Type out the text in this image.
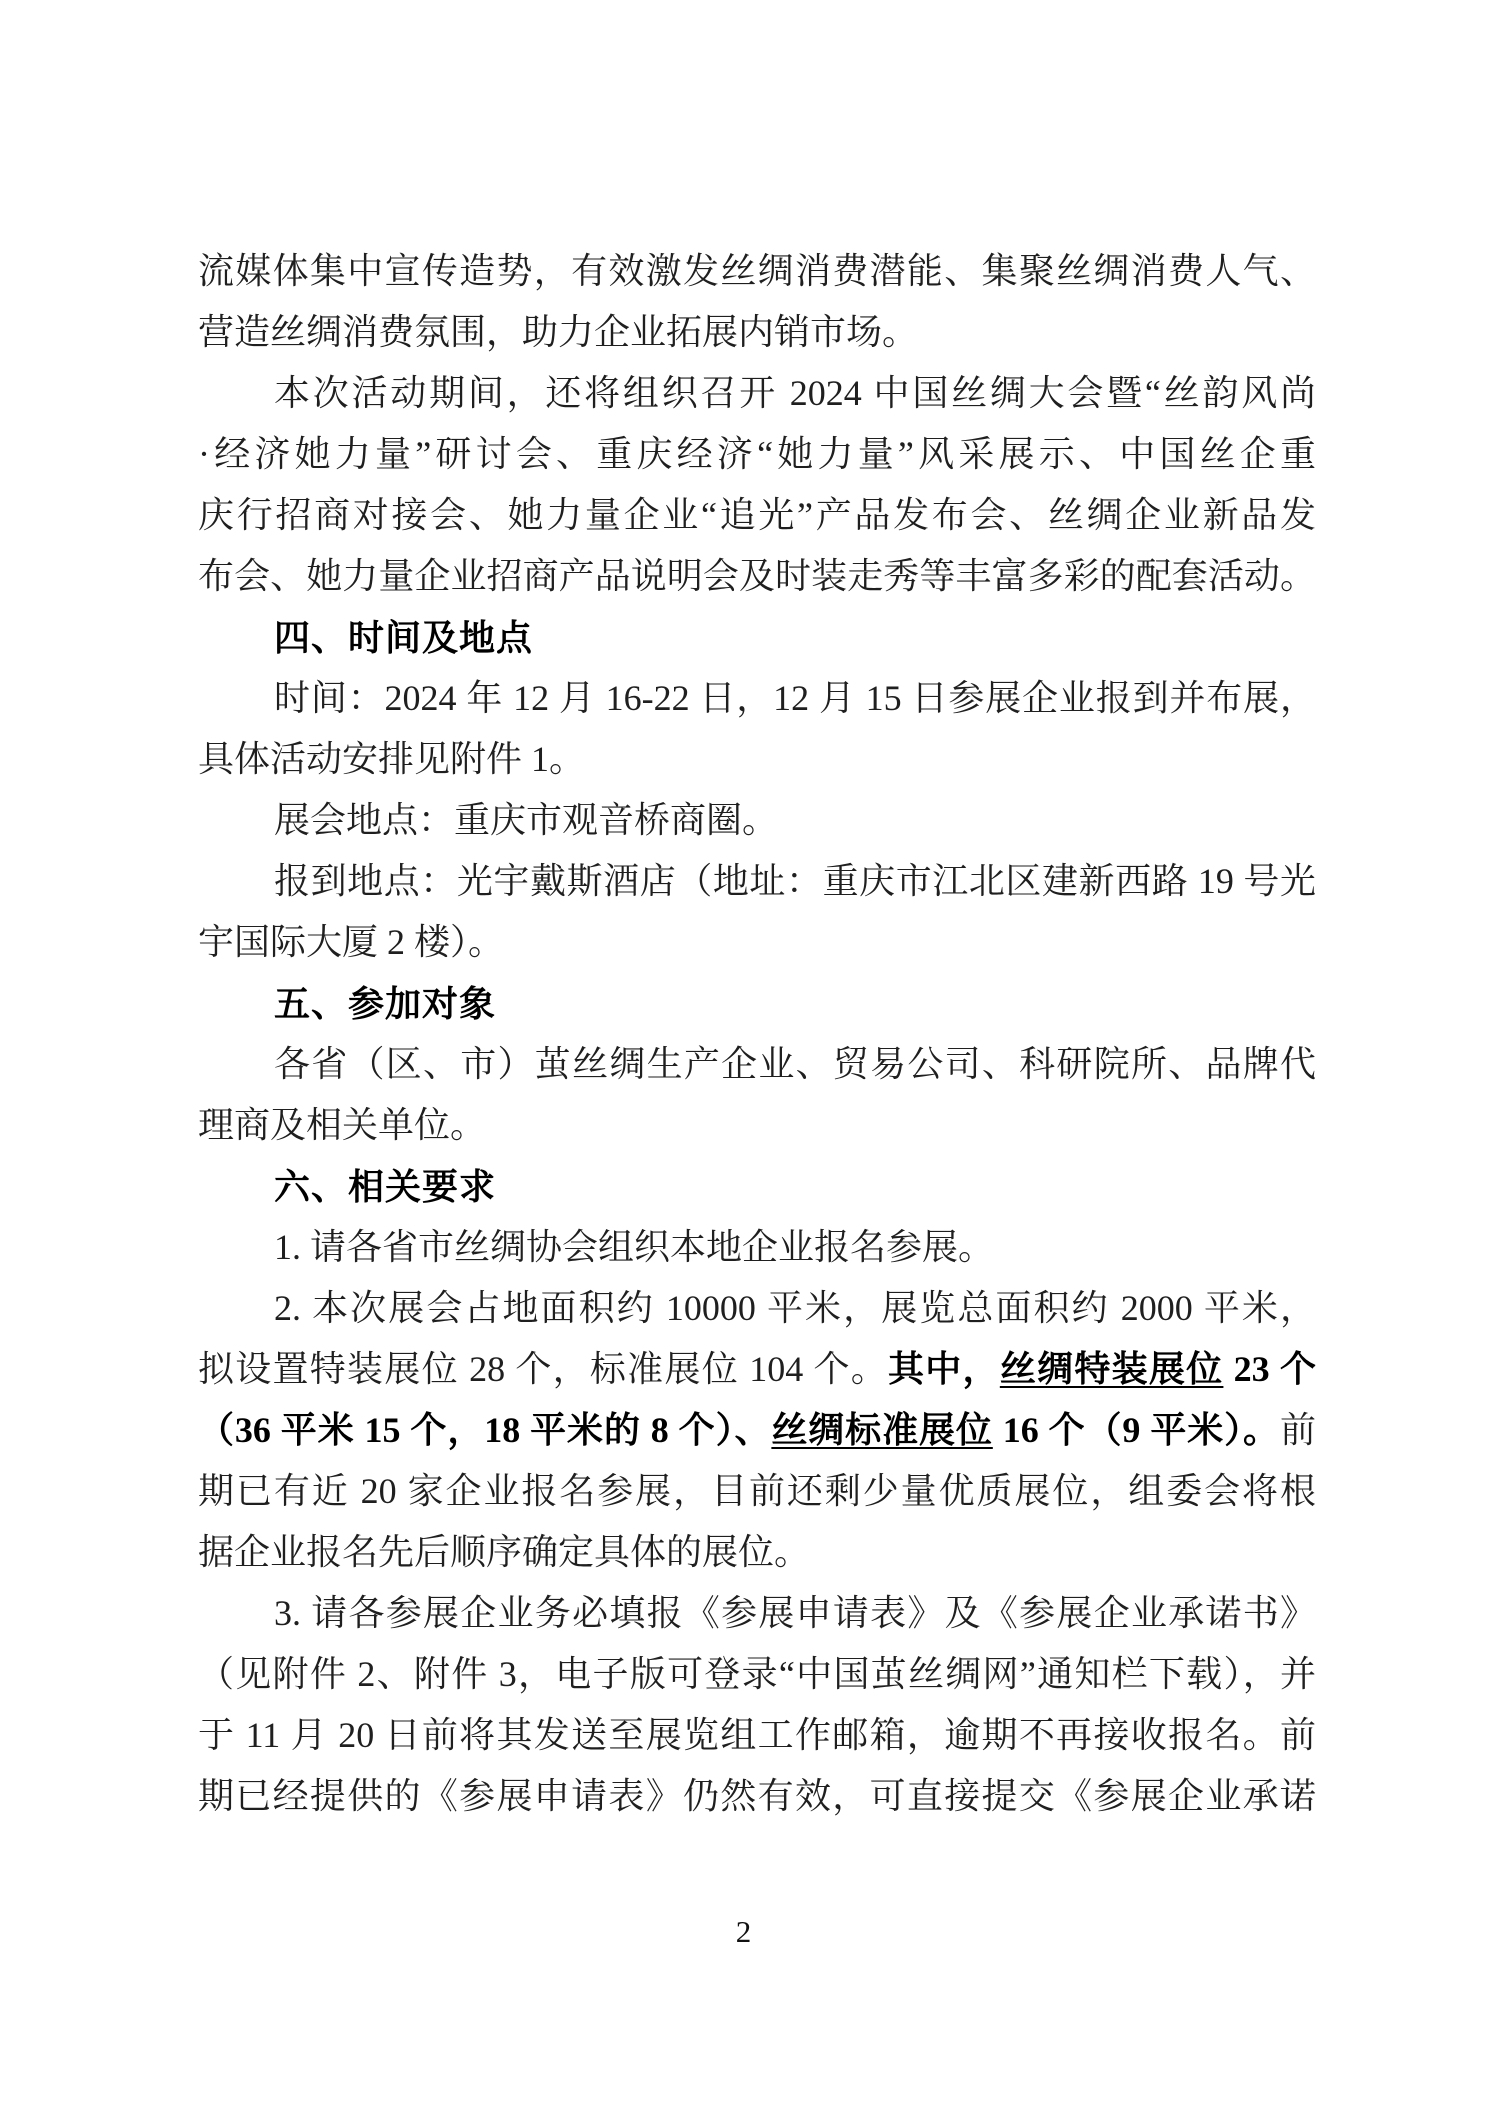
流媒体集中宣传造势，有效激发丝绸消费潜能、集聚丝绸消费人气、
营造丝绸消费氛围，助力企业拓展内销市场。
本次活动期间，还将组织召开 2024 中国丝绸大会暨“丝韵风尚
·经济她力量”研讨会、重庆经济“她力量”风采展示、中国丝企重
庆行招商对接会、她力量企业“追光”产品发布会、丝绸企业新品发
布会、她力量企业招商产品说明会及时装走秀等丰富多彩的配套活动。
四、时间及地点
时间：2024 年 12 月 16-22 日，12 月 15 日参展企业报到并布展，
具体活动安排见附件 1。
展会地点：重庆市观音桥商圈。
报到地点：光宇戴斯酒店（地址：重庆市江北区建新西路 19 号光
宇国际大厦 2 楼）。
五、参加对象
各省（区、市）茧丝绸生产企业、贸易公司、科研院所、品牌代
理商及相关单位。
六、相关要求
1. 请各省市丝绸协会组织本地企业报名参展。
2. 本次展会占地面积约 10000 平米，展览总面积约 2000 平米，
拟设置特装展位 28 个，标准展位 104 个。其中，丝绸特装展位 23 个
（36 平米 15 个，18 平米的 8 个）、丝绸标准展位 16 个（9 平米）。前
期已有近 20 家企业报名参展，目前还剩少量优质展位，组委会将根
据企业报名先后顺序确定具体的展位。
3. 请各参展企业务必填报《参展申请表》及《参展企业承诺书》
（见附件 2、附件 3，电子版可登录“中国茧丝绸网”通知栏下载），并
于 11 月 20 日前将其发送至展览组工作邮箱，逾期不再接收报名。前
期已经提供的《参展申请表》仍然有效，可直接提交《参展企业承诺
2
